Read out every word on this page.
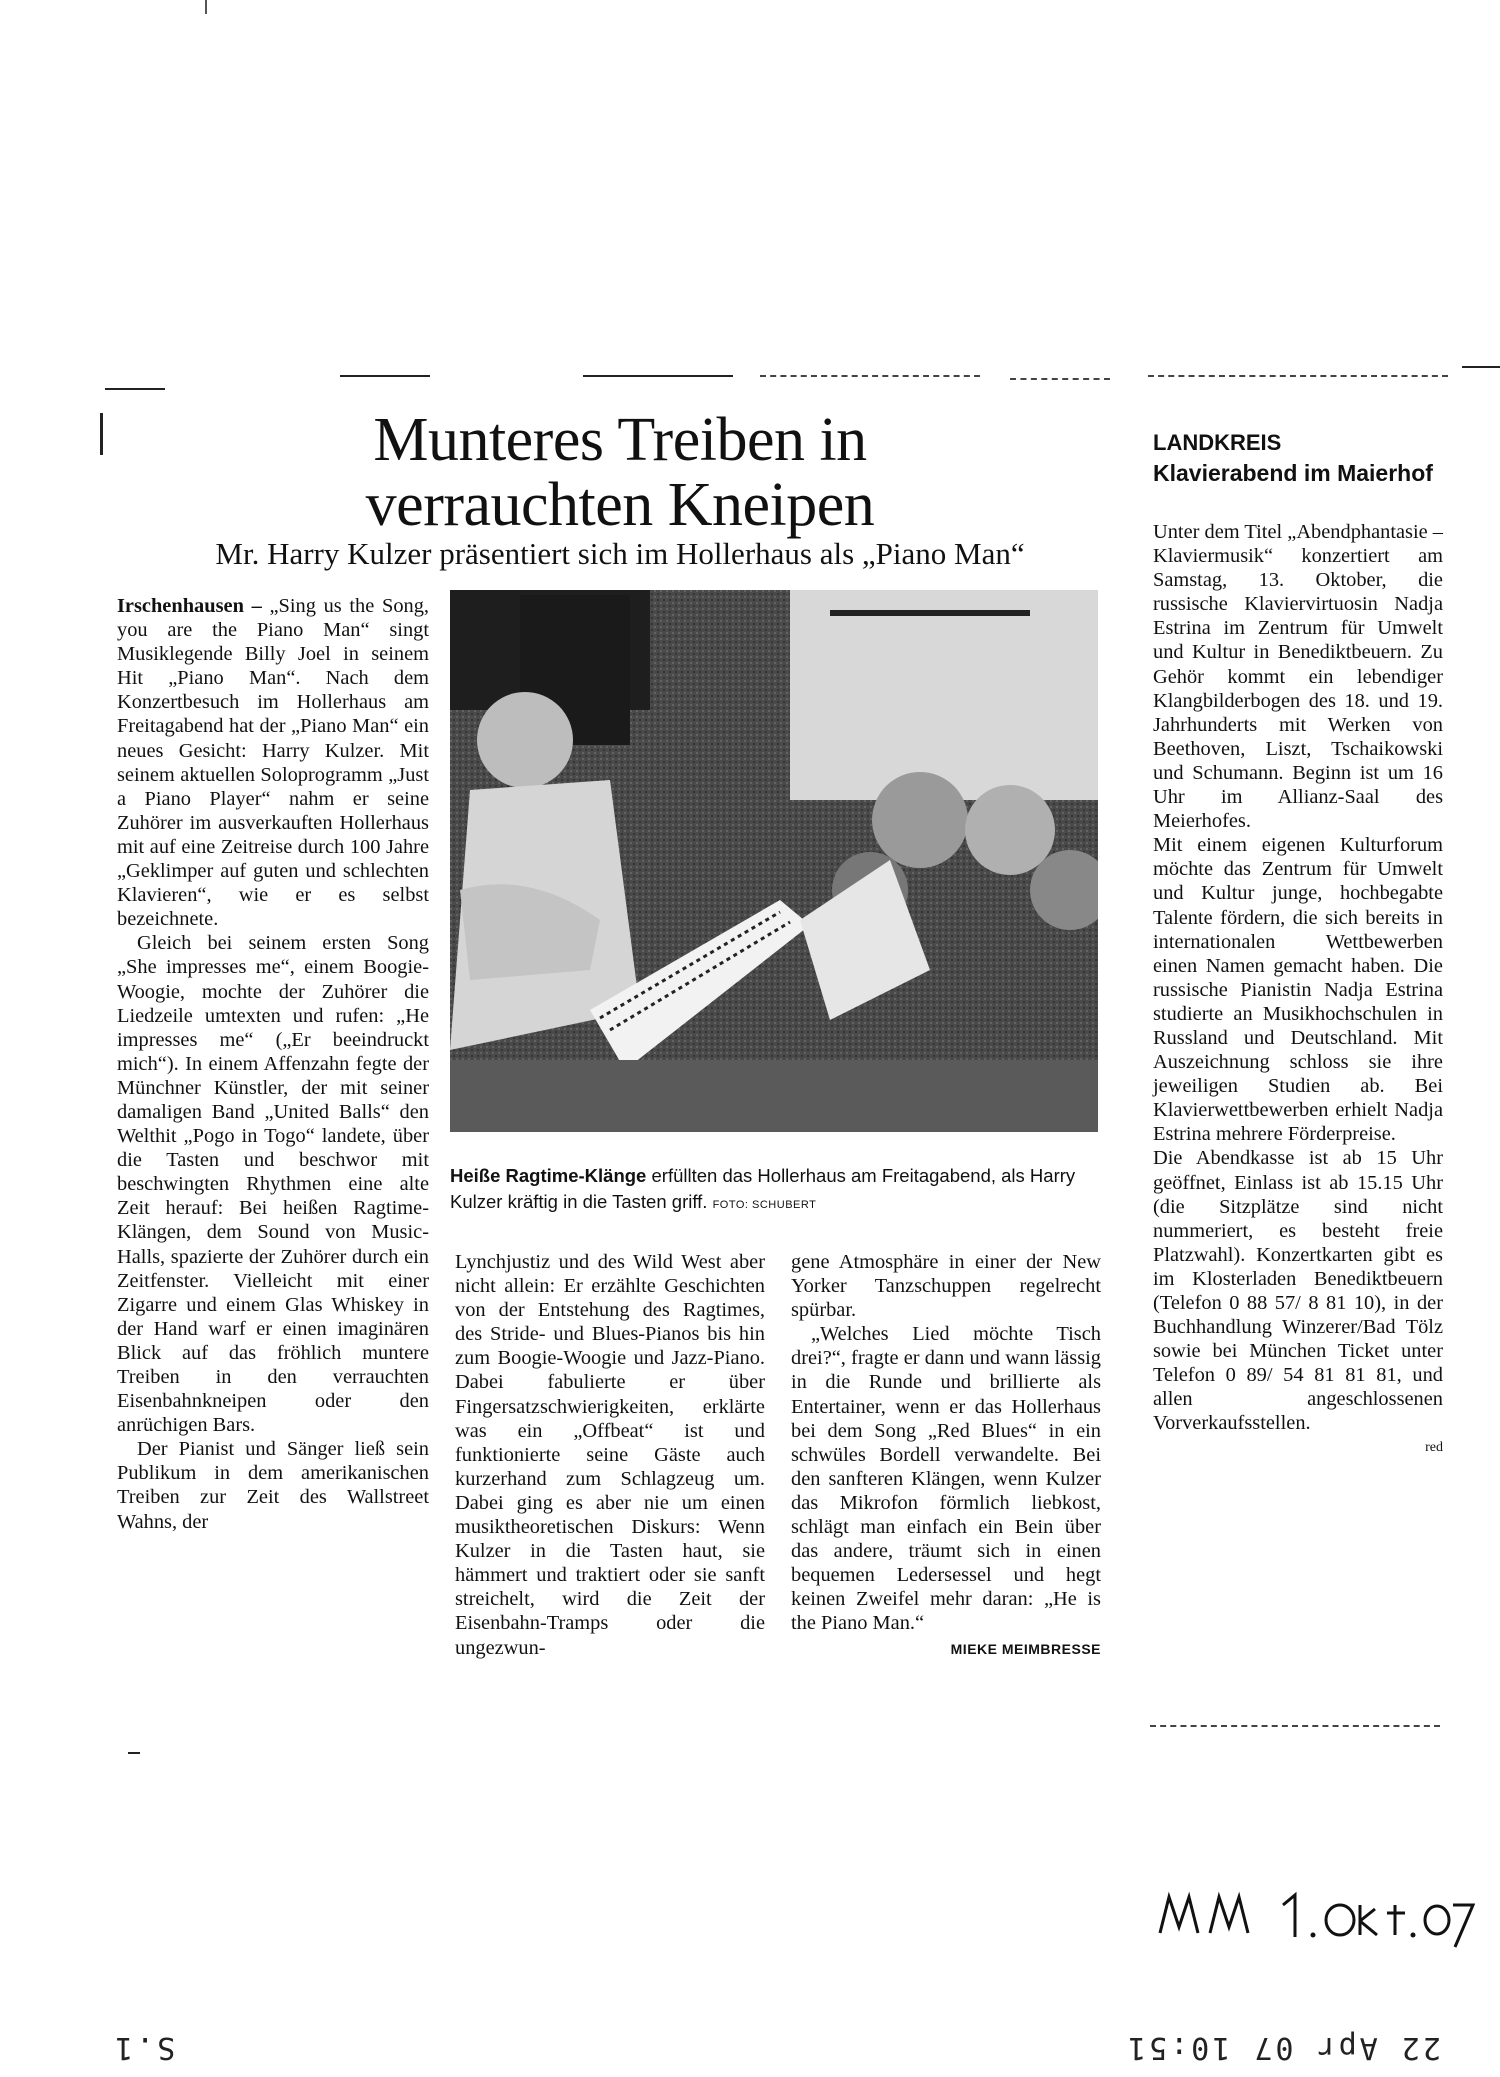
Munteres Treiben in
verrauchten Kneipen
Mr. Harry Kulzer präsentiert sich im Hollerhaus als „Piano Man“

Irschenhausen – „Sing us the Song, you are the Piano Man“ singt Musiklegende Billy Joel in seinem Hit „Piano Man“. Nach dem Konzertbesuch im Hollerhaus am Freitagabend hat der „Piano Man“ ein neues Gesicht: Harry Kulzer. Mit seinem aktuellen Soloprogramm „Just a Piano Player“ nahm er seine Zuhörer im ausverkauften Hollerhaus mit auf eine Zeitreise durch 100 Jahre „Geklimper auf guten und schlechten Klavieren“, wie er es selbst bezeichnete.

Gleich bei seinem ersten Song „She impresses me“, einem Boogie-Woogie, mochte der Zuhörer die Liedzeile umtexten und rufen: „He impresses me“ („Er beeindruckt mich“). In einem Affenzahn fegte der Münchner Künstler, der mit seiner damaligen Band „United Balls“ den Welthit „Pogo in Togo“ landete, über die Tasten und beschwor mit beschwingten Rhythmen eine alte Zeit herauf: Bei heißen Ragtime-Klängen, dem Sound von Music-Halls, spazierte der Zuhörer durch ein Zeitfenster. Vielleicht mit einer Zigarre und einem Glas Whiskey in der Hand warf er einen imaginären Blick auf das fröhlich muntere Treiben in den verrauchten Eisenbahnkneipen oder den anrüchigen Bars.

Der Pianist und Sänger ließ sein Publikum in dem amerikanischen Treiben zur Zeit des Wallstreet Wahns, der

Heiße Ragtime-Klänge erfüllten das Hollerhaus am Freitagabend, als Harry Kulzer kräftig in die Tasten griff. FOTO: SCHUBERT

Lynchjustiz und des Wild West aber nicht allein: Er erzählte Geschichten von der Entstehung des Ragtimes, des Stride- und Blues-Pianos bis hin zum Boogie-Woogie und Jazz-Piano. Dabei fabulierte er über Fingersatzschwierigkeiten, erklärte was ein „Offbeat“ ist und funktionierte seine Gäste auch kurzerhand zum Schlagzeug um. Dabei ging es aber nie um einen musiktheoretischen Diskurs: Wenn Kulzer in die Tasten haut, sie hämmert und traktiert oder sie sanft streichelt, wird die Zeit der Eisenbahn-Tramps oder die ungezwun-

gene Atmosphäre in einer der New Yorker Tanzschuppen regelrecht spürbar.

„Welches Lied möchte Tisch drei?“, fragte er dann und wann lässig in die Runde und brillierte als Entertainer, wenn er das Hollerhaus bei dem Song „Red Blues“ in ein schwüles Bordell verwandelte. Bei den sanfteren Klängen, wenn Kulzer das Mikrofon förmlich liebkost, schlägt man einfach ein Bein über das andere, träumt sich in einen bequemen Ledersessel und hegt keinen Zweifel mehr daran: „He is the Piano Man.“

MIEKE MEIMBRESSE

LANDKREIS
Klavierabend im Maierhof

Unter dem Titel „Abendphantasie – Klaviermusik“ konzertiert am Samstag, 13. Oktober, die russische Klaviervirtuosin Nadja Estrina im Zentrum für Umwelt und Kultur in Benediktbeuern. Zu Gehör kommt ein lebendiger Klangbilderbogen des 18. und 19. Jahrhunderts mit Werken von Beethoven, Liszt, Tschaikowski und Schumann. Beginn ist um 16 Uhr im Allianz-Saal des Meierhofes.

Mit einem eigenen Kulturforum möchte das Zentrum für Umwelt und Kultur junge, hochbegabte Talente fördern, die sich bereits in internationalen Wettbewerben einen Namen gemacht haben. Die russische Pianistin Nadja Estrina studierte an Musikhochschulen in Russland und Deutschland. Mit Auszeichnung schloss sie ihre jeweiligen Studien ab. Bei Klavierwettbewerben erhielt Nadja Estrina mehrere Förderpreise.

Die Abendkasse ist ab 15 Uhr geöffnet, Einlass ist ab 15.15 Uhr (die Sitzplätze sind nicht nummeriert, es besteht freie Platzwahl). Konzertkarten gibt es im Klosterladen Benediktbeuern (Telefon 0 88 57/ 8 81 10), in der Buchhandlung Winzerer/Bad Tölz sowie bei München Ticket unter Telefon 0 89/ 54 81 81 81, und allen angeschlossenen Vorverkaufsstellen.

red

S.1	22 Apr 07 10:51
